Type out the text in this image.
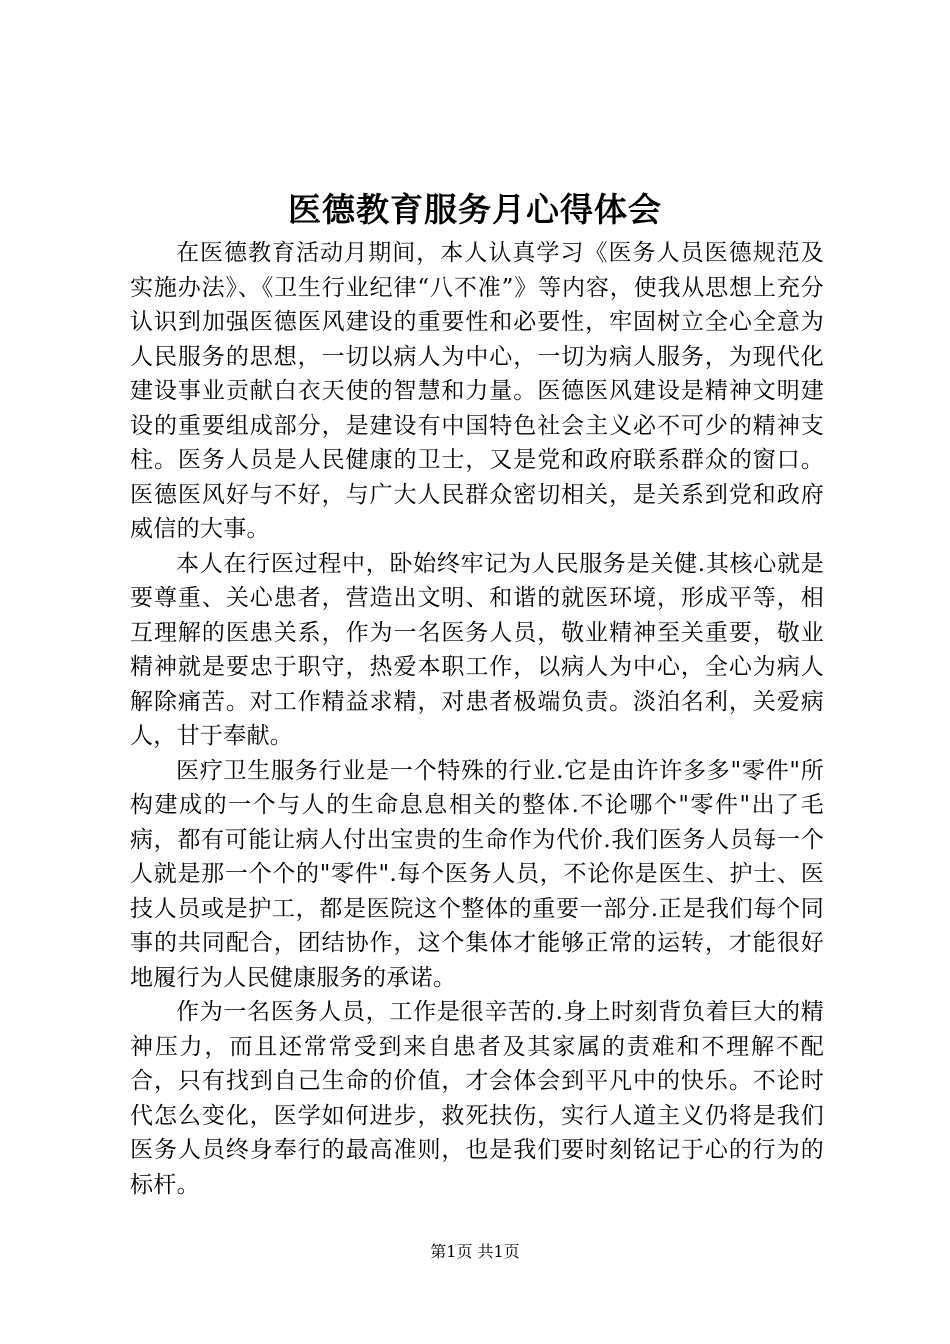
医德教育服务月心得体会

在医德教育活动月期间，本人认真学习《医务人员医德规范及实施办法》、《卫生行业纪律“八不准”》等内容，使我从思想上充分认识到加强医德医风建设的重要性和必要性，牢固树立全心全意为人民服务的思想，一切以病人为中心，一切为病人服务，为现代化建设事业贡献白衣天使的智慧和力量。医德医风建设是精神文明建设的重要组成部分，是建设有中国特色社会主义必不可少的精神支柱。医务人员是人民健康的卫士，又是党和政府联系群众的窗口。医德医风好与不好，与广大人民群众密切相关，是关系到党和政府威信的大事。

本人在行医过程中，卧始终牢记为人民服务是关健.其核心就是要尊重、关心患者，营造出文明、和谐的就医环境，形成平等，相互理解的医患关系，作为一名医务人员，敬业精神至关重要，敬业精神就是要忠于职守，热爱本职工作，以病人为中心，全心为病人解除痛苦。对工作精益求精，对患者极端负责。淡泊名利，关爱病人，甘于奉献。

医疗卫生服务行业是一个特殊的行业.它是由许许多多"零件"所构建成的一个与人的生命息息相关的整体.不论哪个"零件"出了毛病，都有可能让病人付出宝贵的生命作为代价.我们医务人员每一个人就是那一个个的"零件".每个医务人员，不论你是医生、护士、医技人员或是护工，都是医院这个整体的重要一部分.正是我们每个同事的共同配合，团结协作，这个集体才能够正常的运转，才能很好地履行为人民健康服务的承诺。

作为一名医务人员，工作是很辛苦的.身上时刻背负着巨大的精神压力，而且还常常受到来自患者及其家属的责难和不理解不配合，只有找到自己生命的价值，才会体会到平凡中的快乐。不论时代怎么变化，医学如何进步，救死扶伤，实行人道主义仍将是我们医务人员终身奉行的最高准则，也是我们要时刻铭记于心的行为的标杆。

第1页 共1页
